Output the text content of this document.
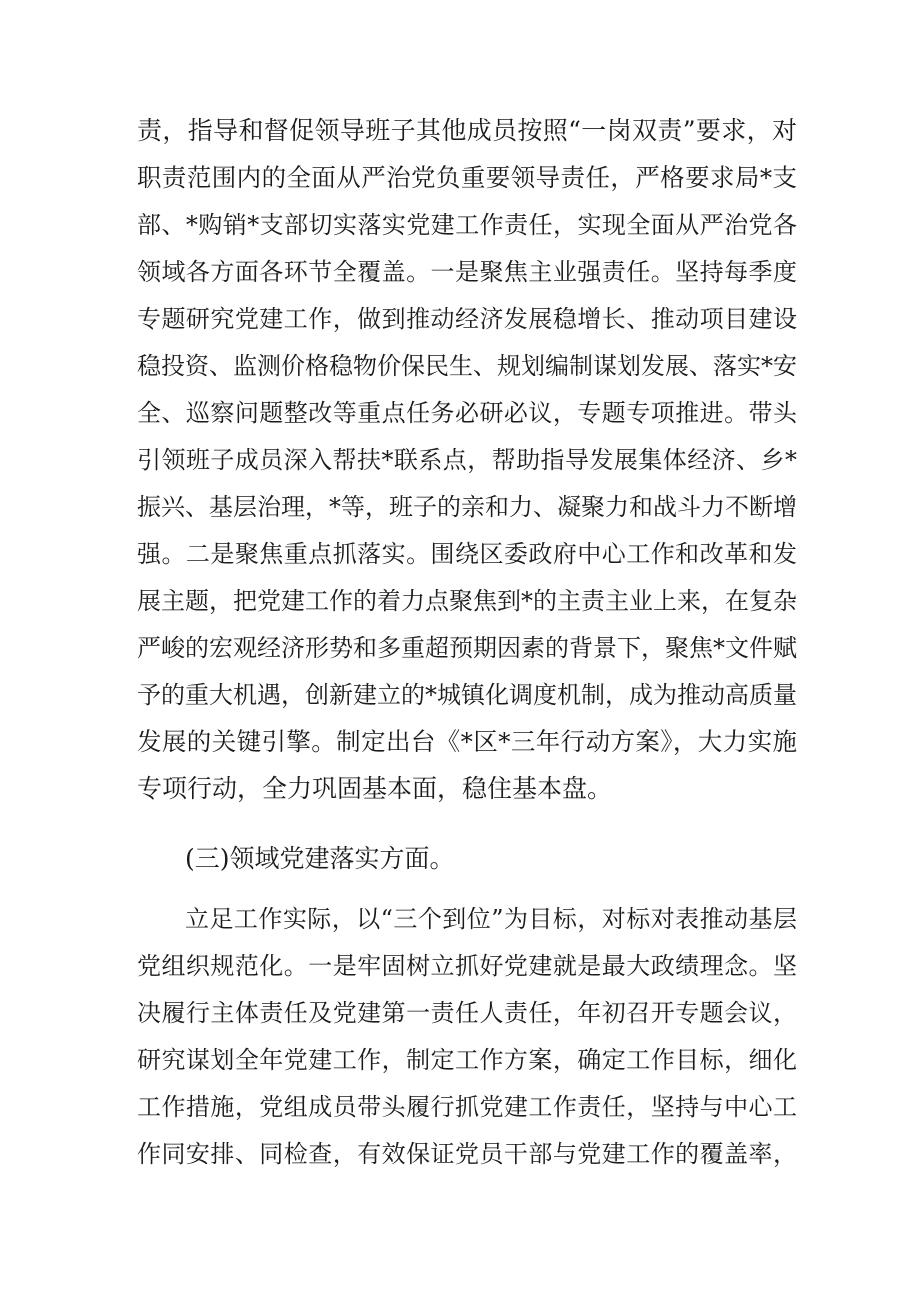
责，指导和督促领导班子其他成员按照“一岗双责”要求，对
职责范围内的全面从严治党负重要领导责任，严格要求局*支
部、*购销*支部切实落实党建工作责任，实现全面从严治党各
领域各方面各环节全覆盖。一是聚焦主业强责任。坚持每季度
专题研究党建工作，做到推动经济发展稳增长、推动项目建设
稳投资、监测价格稳物价保民生、规划编制谋划发展、落实*安
全、巡察问题整改等重点任务必研必议，专题专项推进。带头
引领班子成员深入帮扶*联系点，帮助指导发展集体经济、乡*
振兴、基层治理，*等，班子的亲和力、凝聚力和战斗力不断增
强。二是聚焦重点抓落实。围绕区委政府中心工作和改革和发
展主题，把党建工作的着力点聚焦到*的主责主业上来，在复杂
严峻的宏观经济形势和多重超预期因素的背景下，聚焦*文件赋
予的重大机遇，创新建立的*城镇化调度机制，成为推动高质量
发展的关键引擎。制定出台《*区*三年行动方案》，大力实施
专项行动，全力巩固基本面，稳住基本盘。
(三)领域党建落实方面。
立足工作实际，以“三个到位”为目标，对标对表推动基层
党组织规范化。一是牢固树立抓好党建就是最大政绩理念。坚
决履行主体责任及党建第一责任人责任，年初召开专题会议，
研究谋划全年党建工作，制定工作方案，确定工作目标，细化
工作措施，党组成员带头履行抓党建工作责任，坚持与中心工
作同安排、同检查，有效保证党员干部与党建工作的覆盖率，
